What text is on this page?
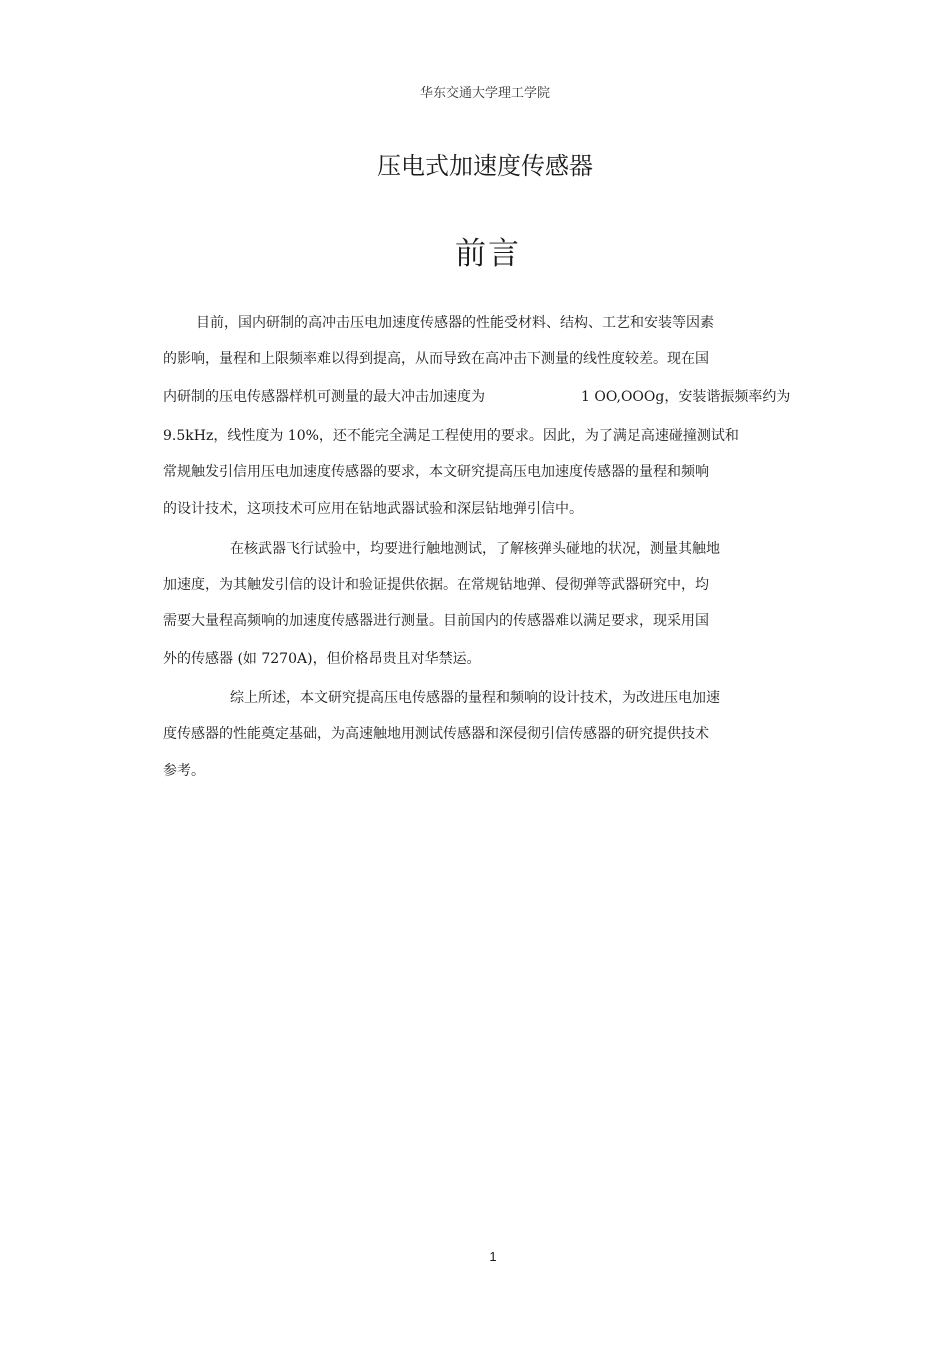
华东交通大学理工学院
压电式加速度传感器
前言
目前，国内研制的高冲击压电加速度传感器的性能受材料、结构、工艺和安装等因素
的影响，量程和上限频率难以得到提高，从而导致在高冲击下测量的线性度较差。现在国
内研制的压电传感器样机可测量的最大冲击加速度为	1 OO,OOOg，安装谐振频率约为
9.5kHz，线性度为 10%，还不能完全满足工程使用的要求。因此，为了满足高速碰撞测试和
常规触发引信用压电加速度传感器的要求，本文研究提高压电加速度传感器的量程和频响
的设计技术，这项技术可应用在钻地武器试验和深层钻地弹引信中。
在核武器飞行试验中，均要进行触地测试，了解核弹头碰地的状况，测量其触地
加速度，为其触发引信的设计和验证提供依据。在常规钻地弹、侵彻弹等武器研究中，均
需要大量程高频响的加速度传感器进行测量。目前国内的传感器难以满足要求，现采用国
外的传感器 (如 7270A)，但价格昂贵且对华禁运。
综上所述，本文研究提高压电传感器的量程和频响的设计技术，为改进压电加速
度传感器的性能奠定基础，为高速触地用测试传感器和深侵彻引信传感器的研究提供技术
参考。
1
